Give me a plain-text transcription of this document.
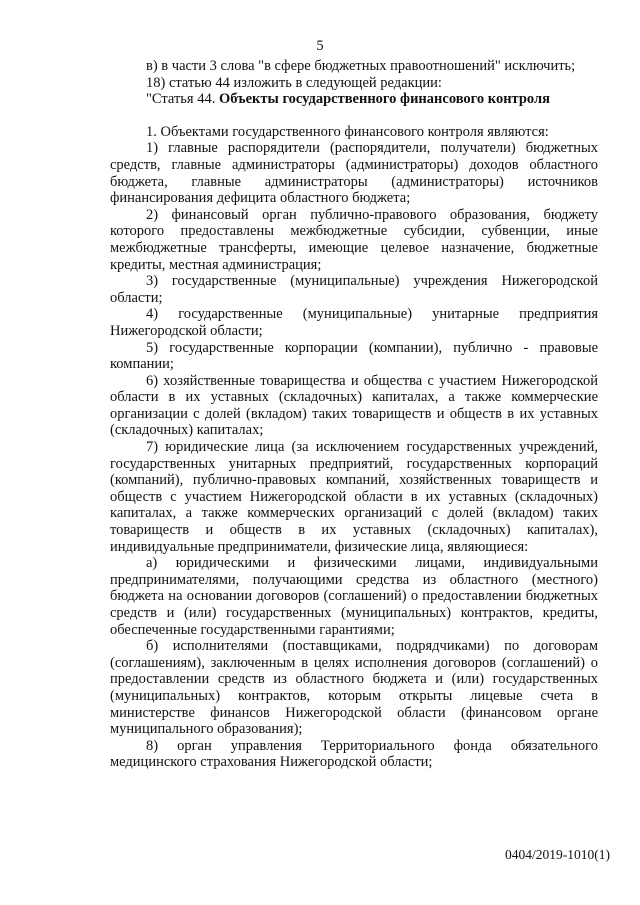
5

в) в части 3 слова "в сфере бюджетных правоотношений" исключить;

18) статью 44 изложить в следующей редакции:

"Статья 44. Объекты государственного финансового контроля

1. Объектами государственного финансового контроля являются:

1) главные распорядители (распорядители, получатели) бюджетных средств, главные администраторы (администраторы) доходов областного бюджета, главные администраторы (администраторы) источников финансирования дефицита областного бюджета;

2) финансовый орган публично-правового образования, бюджету которого предоставлены межбюджетные субсидии, субвенции, иные межбюджетные трансферты, имеющие целевое назначение, бюджетные кредиты, местная администрация;

3) государственные (муниципальные) учреждения Нижегородской области;

4) государственные (муниципальные) унитарные предприятия Нижегородской области;

5) государственные корпорации (компании), публично - правовые компании;

6) хозяйственные товарищества и общества с участием Нижегородской области в их уставных (складочных) капиталах, а также коммерческие организации с долей (вкладом) таких товариществ и обществ в их уставных (складочных) капиталах;

7) юридические лица (за исключением государственных учреждений, государственных унитарных предприятий, государственных корпораций (компаний), публично-правовых компаний, хозяйственных товариществ и обществ с участием Нижегородской области в их уставных (складочных) капиталах, а также коммерческих организаций с долей (вкладом) таких товариществ и обществ в их уставных (складочных) капиталах), индивидуальные предприниматели, физические лица, являющиеся:

а) юридическими и физическими лицами, индивидуальными предпринимателями, получающими средства из областного (местного) бюджета на основании договоров (соглашений) о предоставлении бюджетных средств и (или) государственных (муниципальных) контрактов, кредиты, обеспеченные государственными гарантиями;

б) исполнителями (поставщиками, подрядчиками) по договорам (соглашениям), заключенным в целях исполнения договоров (соглашений) о предоставлении средств из областного бюджета и (или) государственных (муниципальных) контрактов, которым открыты лицевые счета в министерстве финансов Нижегородской области (финансовом органе муниципального образования);

8) орган управления Территориального фонда обязательного медицинского страхования Нижегородской области;

0404/2019-1010(1)
